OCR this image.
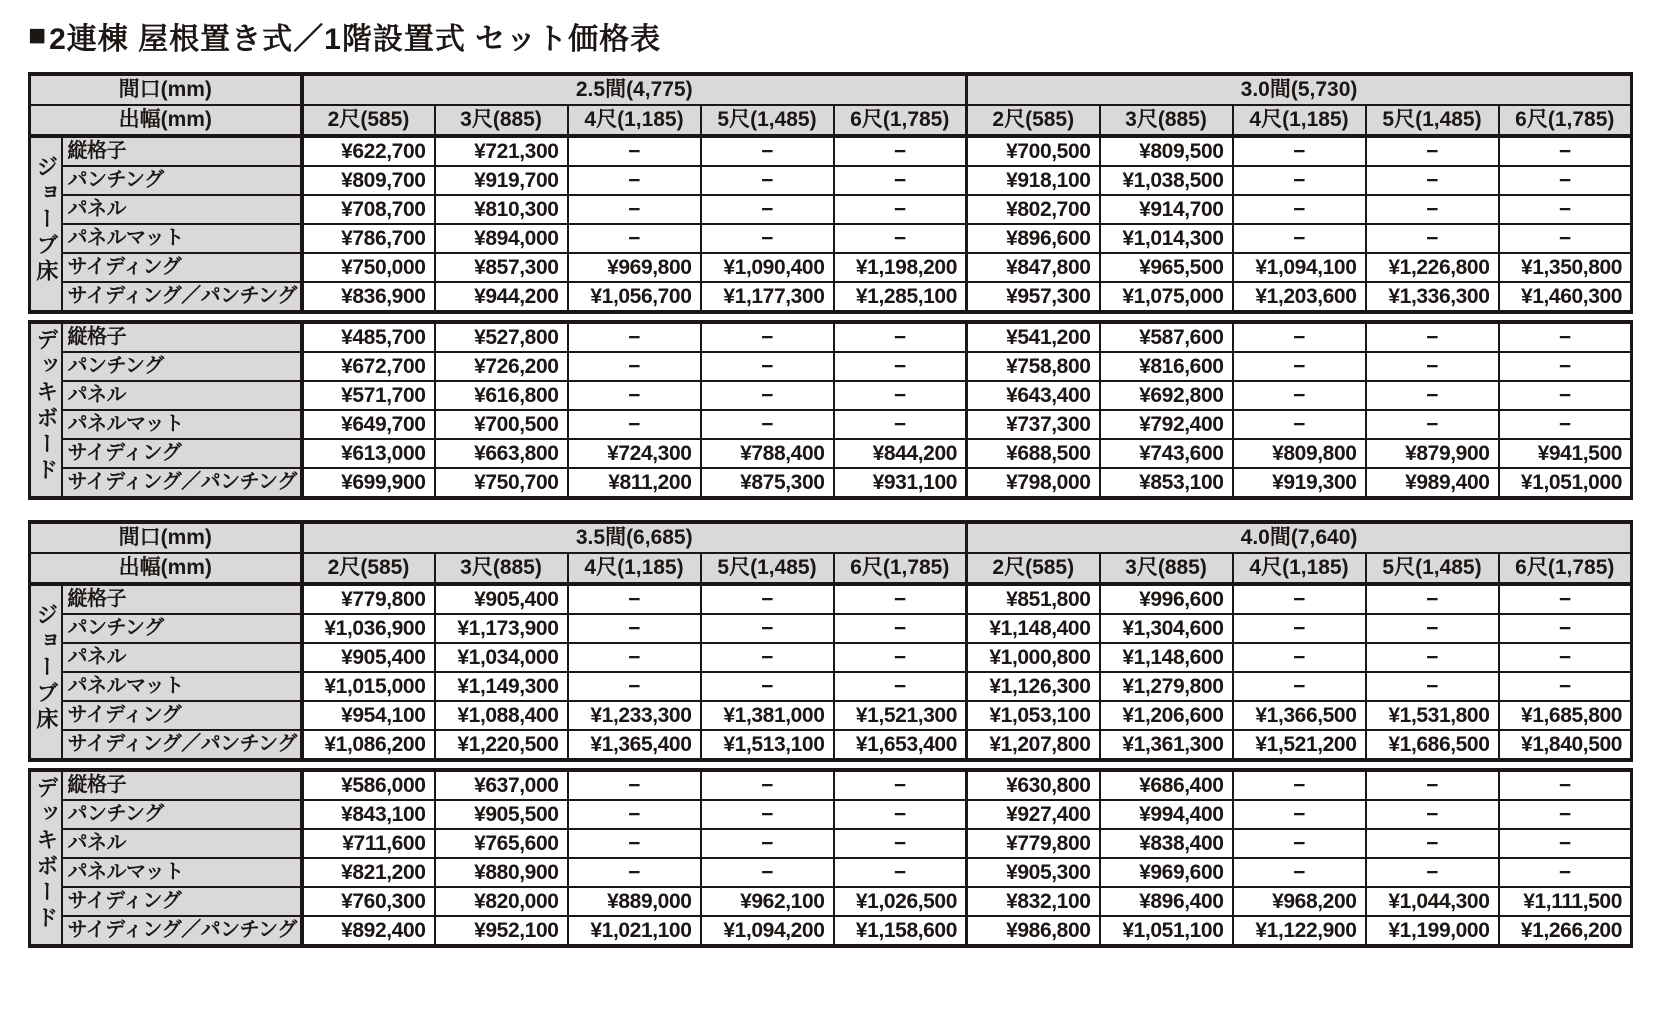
■ 2連棟 屋根置き式／1階設置式 セット価格表
間口(mm)		2.5間(4,775)					3.0間(5,730)				
出幅(mm)		2尺(585)	3尺(885)	4尺(1,185)	5尺(1,485)	6尺(1,785)	2尺(585)	3尺(885)	4尺(1,185)	5尺(1,485)	6尺(1,785)
ジョーブ床	縦格子	¥622,700	¥721,300	−	−	−	¥700,500	¥809,500	−	−	−
	パンチング	¥809,700	¥919,700	−	−	−	¥918,100	¥1,038,500	−	−	−
	パネル	¥708,700	¥810,300	−	−	−	¥802,700	¥914,700	−	−	−
	パネルマット	¥786,700	¥894,000	−	−	−	¥896,600	¥1,014,300	−	−	−
	サイディング	¥750,000	¥857,300	¥969,800	¥1,090,400	¥1,198,200	¥847,800	¥965,500	¥1,094,100	¥1,226,800	¥1,350,800
	サイディング／パンチング	¥836,900	¥944,200	¥1,056,700	¥1,177,300	¥1,285,100	¥957,300	¥1,075,000	¥1,203,600	¥1,336,300	¥1,460,300
デッキボード	縦格子	¥485,700	¥527,800	−	−	−	¥541,200	¥587,600	−	−	−
	パンチング	¥672,700	¥726,200	−	−	−	¥758,800	¥816,600	−	−	−
	パネル	¥571,700	¥616,800	−	−	−	¥643,400	¥692,800	−	−	−
	パネルマット	¥649,700	¥700,500	−	−	−	¥737,300	¥792,400	−	−	−
	サイディング	¥613,000	¥663,800	¥724,300	¥788,400	¥844,200	¥688,500	¥743,600	¥809,800	¥879,900	¥941,500
	サイディング／パンチング	¥699,900	¥750,700	¥811,200	¥875,300	¥931,100	¥798,000	¥853,100	¥919,300	¥989,400	¥1,051,000
間口(mm)		3.5間(6,685)					4.0間(7,640)				
出幅(mm)		2尺(585)	3尺(885)	4尺(1,185)	5尺(1,485)	6尺(1,785)	2尺(585)	3尺(885)	4尺(1,185)	5尺(1,485)	6尺(1,785)
ジョーブ床	縦格子	¥779,800	¥905,400	−	−	−	¥851,800	¥996,600	−	−	−
	パンチング	¥1,036,900	¥1,173,900	−	−	−	¥1,148,400	¥1,304,600	−	−	−
	パネル	¥905,400	¥1,034,000	−	−	−	¥1,000,800	¥1,148,600	−	−	−
	パネルマット	¥1,015,000	¥1,149,300	−	−	−	¥1,126,300	¥1,279,800	−	−	−
	サイディング	¥954,100	¥1,088,400	¥1,233,300	¥1,381,000	¥1,521,300	¥1,053,100	¥1,206,600	¥1,366,500	¥1,531,800	¥1,685,800
	サイディング／パンチング	¥1,086,200	¥1,220,500	¥1,365,400	¥1,513,100	¥1,653,400	¥1,207,800	¥1,361,300	¥1,521,200	¥1,686,500	¥1,840,500
デッキボード	縦格子	¥586,000	¥637,000	−	−	−	¥630,800	¥686,400	−	−	−
	パンチング	¥843,100	¥905,500	−	−	−	¥927,400	¥994,400	−	−	−
	パネル	¥711,600	¥765,600	−	−	−	¥779,800	¥838,400	−	−	−
	パネルマット	¥821,200	¥880,900	−	−	−	¥905,300	¥969,600	−	−	−
	サイディング	¥760,300	¥820,000	¥889,000	¥962,100	¥1,026,500	¥832,100	¥896,400	¥968,200	¥1,044,300	¥1,111,500
	サイディング／パンチング	¥892,400	¥952,100	¥1,021,100	¥1,094,200	¥1,158,600	¥986,800	¥1,051,100	¥1,122,900	¥1,199,000	¥1,266,200
